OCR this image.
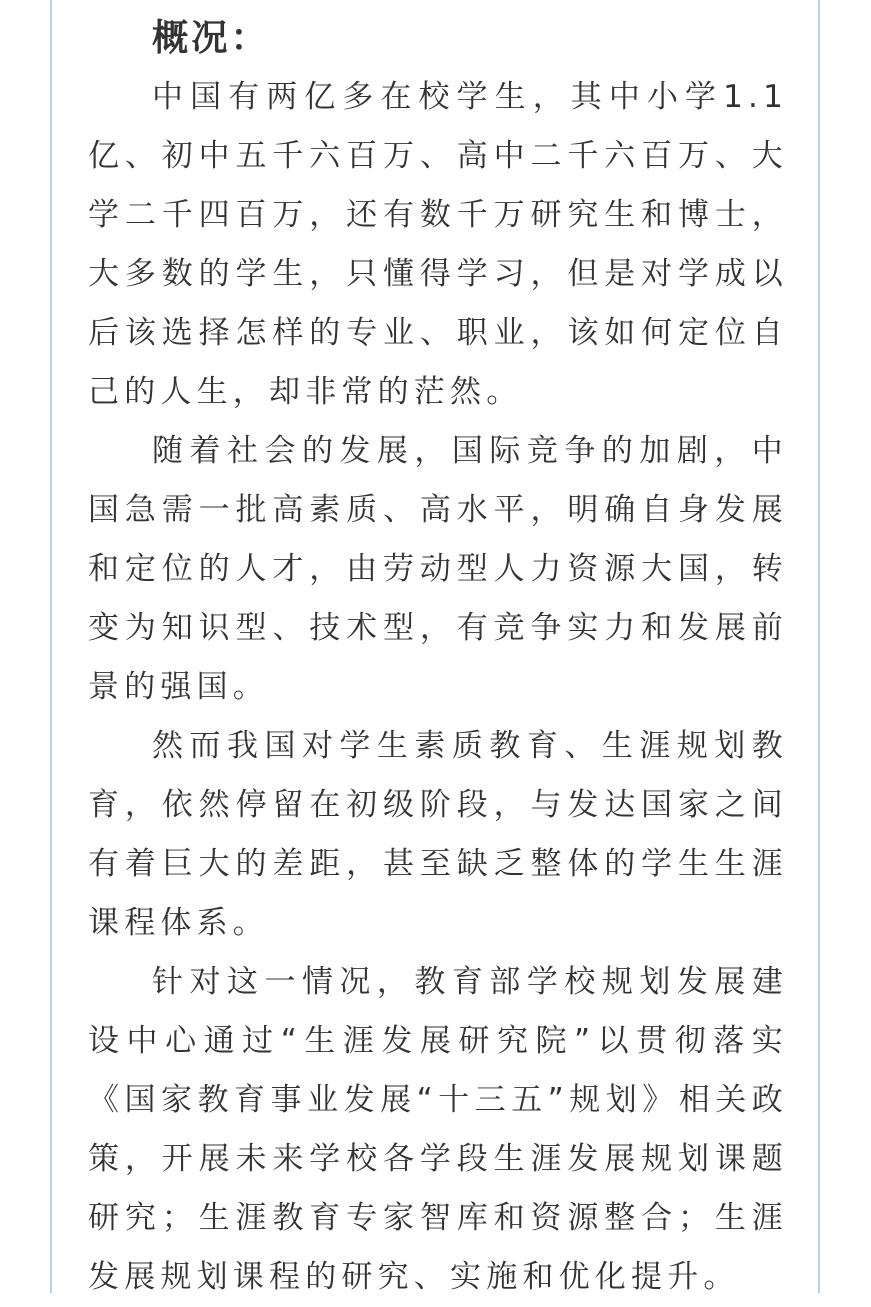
概况：

中国有两亿多在校学生，其中小学1.1亿、初中五千六百万、高中二千六百万、大学二千四百万，还有数千万研究生和博士，大多数的学生，只懂得学习，但是对学成以后该选择怎样的专业、职业，该如何定位自己的人生，却非常的茫然。

随着社会的发展，国际竞争的加剧，中国急需一批高素质、高水平，明确自身发展和定位的人才，由劳动型人力资源大国，转变为知识型、技术型，有竞争实力和发展前景的强国。

然而我国对学生素质教育、生涯规划教育，依然停留在初级阶段，与发达国家之间有着巨大的差距，甚至缺乏整体的学生生涯课程体系。

针对这一情况，教育部学校规划发展建设中心通过“生涯发展研究院”以贯彻落实《国家教育事业发展“十三五”规划》相关政策，开展未来学校各学段生涯发展规划课题研究；生涯教育专家智库和资源整合；生涯发展规划课程的研究、实施和优化提升。
